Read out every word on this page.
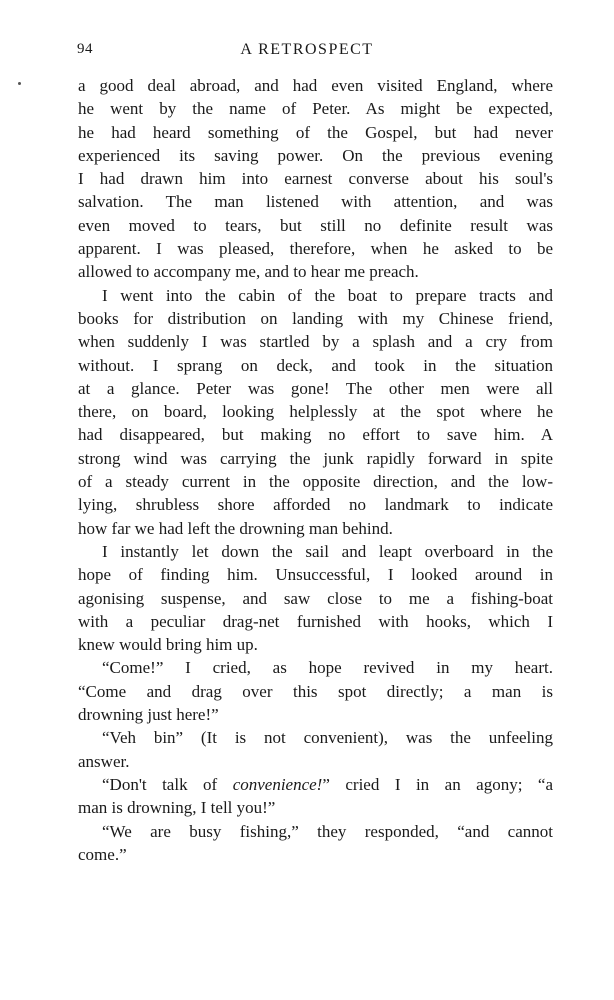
94	A RETROSPECT
a good deal abroad, and had even visited England, where
he went by the name of Peter. As might be expected,
he had heard something of the Gospel, but had never
experienced its saving power. On the previous evening
I had drawn him into earnest converse about his soul's
salvation. The man listened with attention, and was
even moved to tears, but still no definite result was
apparent. I was pleased, therefore, when he asked to be
allowed to accompany me, and to hear me preach.
I went into the cabin of the boat to prepare tracts and
books for distribution on landing with my Chinese friend,
when suddenly I was startled by a splash and a cry from
without. I sprang on deck, and took in the situation
at a glance. Peter was gone! The other men were all
there, on board, looking helplessly at the spot where he
had disappeared, but making no effort to save him. A
strong wind was carrying the junk rapidly forward in spite
of a steady current in the opposite direction, and the low-
lying, shrubless shore afforded no landmark to indicate
how far we had left the drowning man behind.
I instantly let down the sail and leapt overboard in the
hope of finding him. Unsuccessful, I looked around in
agonising suspense, and saw close to me a fishing-boat
with a peculiar drag-net furnished with hooks, which I
knew would bring him up.
“Come!” I cried, as hope revived in my heart.
“Come and drag over this spot directly; a man is
drowning just here!”
“Veh bin” (It is not convenient), was the unfeeling
answer.
“Don't talk of convenience!” cried I in an agony; “a
man is drowning, I tell you!”
“We are busy fishing,” they responded, “and cannot
come.”
